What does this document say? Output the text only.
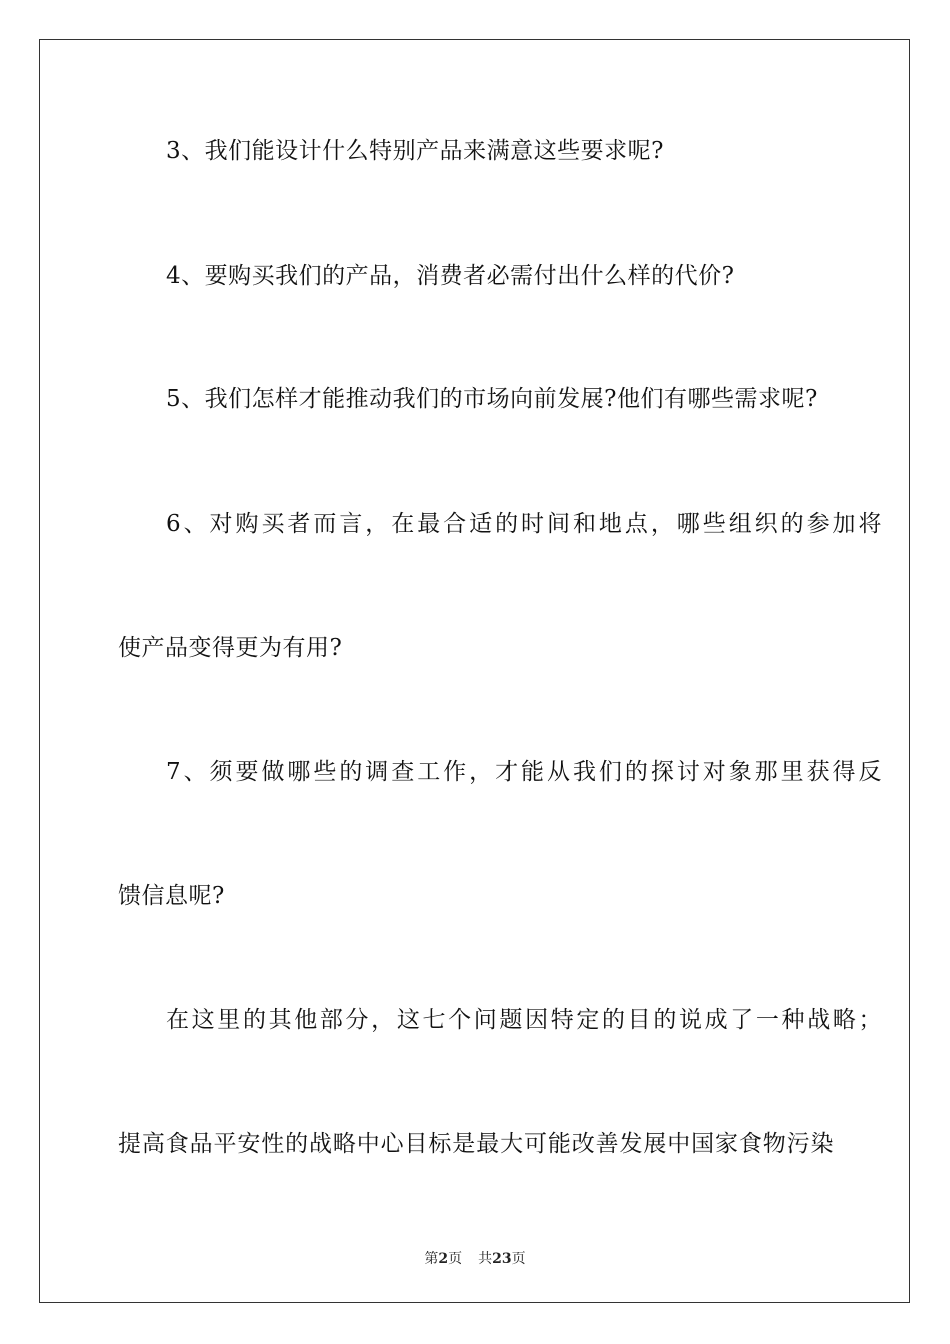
3、我们能设计什么特别产品来满意这些要求呢?
4、要购买我们的产品，消费者必需付出什么样的代价?
5、我们怎样才能推动我们的市场向前发展?他们有哪些需求呢?
6、对购买者而言，在最合适的时间和地点，哪些组织的参加将
使产品变得更为有用?
7、须要做哪些的调查工作，才能从我们的探讨对象那里获得反
馈信息呢?
在这里的其他部分，这七个问题因特定的目的说成了一种战略；
提高食品平安性的战略中心目标是最大可能改善发展中国家食物污染
第2页 共23页
